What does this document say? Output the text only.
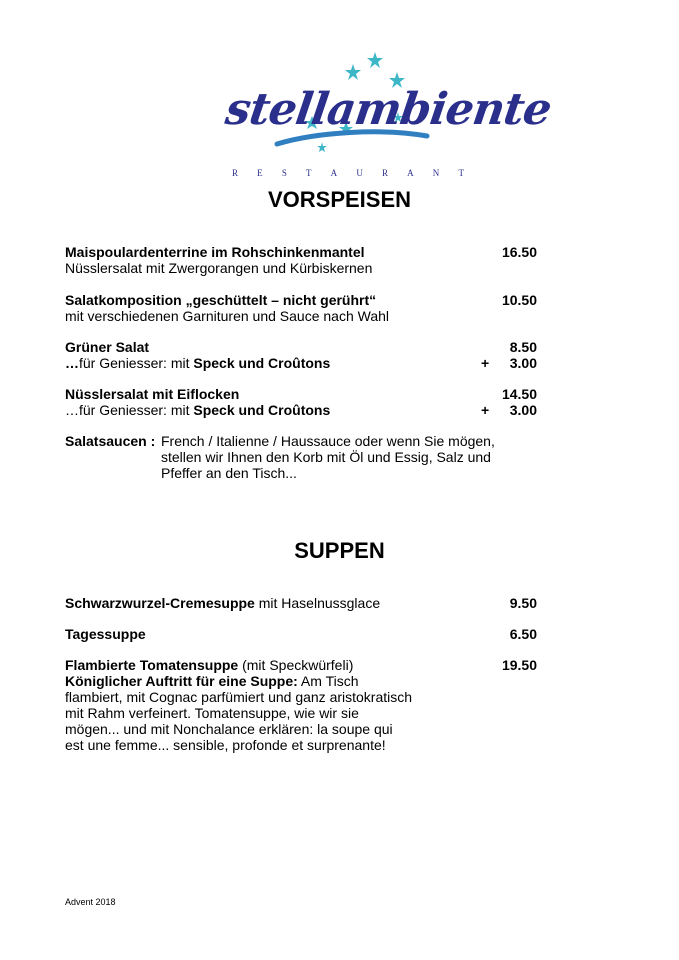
stellambiente
R E S T A U R A N T
VORSPEISEN
Maispoulardenterrine im Rohschinkenmantel	16.50
Nüsslersalat mit Zwergorangen und Kürbiskernen
Salatkomposition „geschüttelt – nicht gerührt“	10.50
mit verschiedenen Garnituren und Sauce nach Wahl
Grüner Salat	8.50
…für Geniesser: mit Speck und Croûtons	+	3.00
Nüsslersalat mit Eiflocken	14.50
…für Geniesser: mit Speck und Croûtons	+	3.00
Salatsaucen : French / Italienne / Haussauce oder wenn Sie mögen, stellen wir Ihnen den Korb mit Öl und Essig, Salz und Pfeffer an den Tisch...
SUPPEN
Schwarzwurzel-Cremesuppe mit Haselnussglace	9.50
Tagessuppe	6.50
Flambierte Tomatensuppe (mit Speckwürfeli)	19.50
Königlicher Auftritt für eine Suppe: Am Tisch flambiert, mit Cognac parfümiert und ganz aristokratisch mit Rahm verfeinert. Tomatensuppe, wie wir sie mögen... und mit Nonchalance erklären: la soupe qui est une femme... sensible, profonde et surprenante!
Advent 2018
